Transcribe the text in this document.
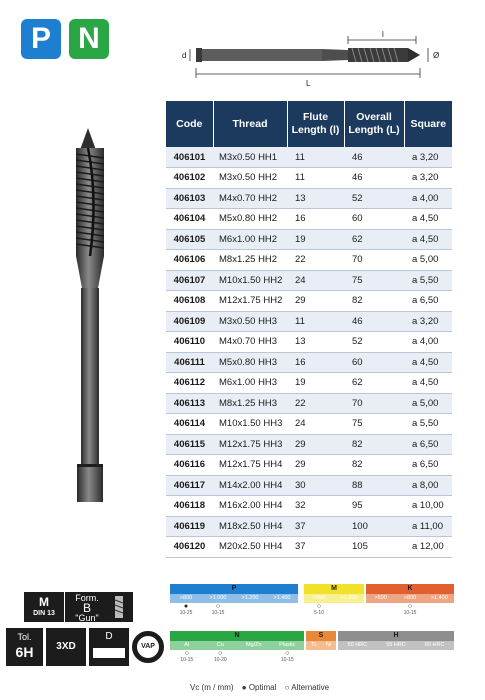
P N
d
l
L
Ø
Code	Thread	Flute Length (l)	Overall Length (L)	Square
406101	M3x0.50 HH1	11	46	a 3,20
406102	M3x0.50 HH2	11	46	a 3,20
406103	M4x0.70 HH2	13	52	a 4,00
406104	M5x0.80 HH2	16	60	a 4,50
406105	M6x1.00 HH2	19	62	a 4,50
406106	M8x1.25 HH2	22	70	a 5,00
406107	M10x1.50 HH2	24	75	a 5,50
406108	M12x1.75 HH2	29	82	a 6,50
406109	M3x0.50 HH3	11	46	a 3,20
406110	M4x0.70 HH3	13	52	a 4,00
406111	M5x0.80 HH3	16	60	a 4,50
406112	M6x1.00 HH3	19	62	a 4,50
406113	M8x1.25 HH3	22	70	a 5,00
406114	M10x1.50 HH3	24	75	a 5,50
406115	M12x1.75 HH3	29	82	a 6,50
406116	M12x1.75 HH4	29	82	a 6,50
406117	M14x2.00 HH4	30	88	a 8,00
406118	M16x2.00 HH4	32	95	a 10,00
406119	M18x2.50 HH4	37	100	a 11,00
406120	M20x2.50 HH4	37	105	a 12,00
M
DIN 13
Form.
B
"Gun"
Tol.
6H	3XD
D
VAP
P
>800	>1.000	>1.200	>1.400
●
10-25
○
10-15
M
>950	>1.200
○
5-10
K
>500	>800	>1.400
○
10-15
N
Al	Cu	Mg/Zn	Plastic
○
10-15
○
10-20
○
10-15
S
Ti	Ni
H
50 HRC	55 HRC	60 HRC
Vc (m / mm) ● Optimal ○ Alternative
